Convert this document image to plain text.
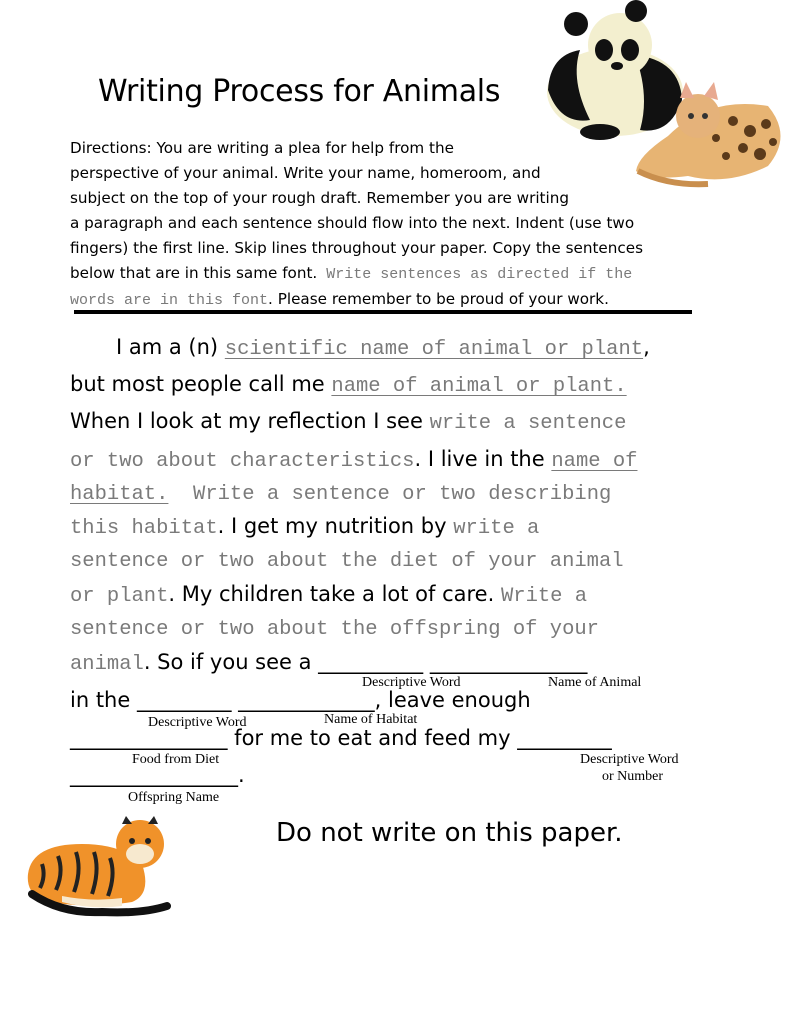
Writing Process for Animals
Directions: You are writing a plea for help from the
perspective of your animal. Write your name, homeroom, and
subject on the top of your rough draft. Remember you are writing
a paragraph and each sentence should flow into the next. Indent (use two
fingers) the first line. Skip lines throughout your paper. Copy the sentences
below that are in this same font. Write sentences as directed if the
words are in this font. Please remember to be proud of your work.
I am a (n) scientific name of animal or plant,
but most people call me name of animal or plant.
When I look at my reflection I see write a sentence
or two about characteristics. I live in the name of
habitat.  Write a sentence or two describing
this habitat. I get my nutrition by write a
sentence or two about the diet of your animal
or plant. My children take a lot of care. Write a
sentence or two about the offspring of your
animal. So if you see a __________ _______________
Descriptive Word	Name of Animal
in the _________ _____________, leave enough
Descriptive Word	Name of Habitat
_______________ for me to eat and feed my _________
Food from Diet	Descriptive Word
or Number
________________.
Offspring Name
Do not write on this paper.
